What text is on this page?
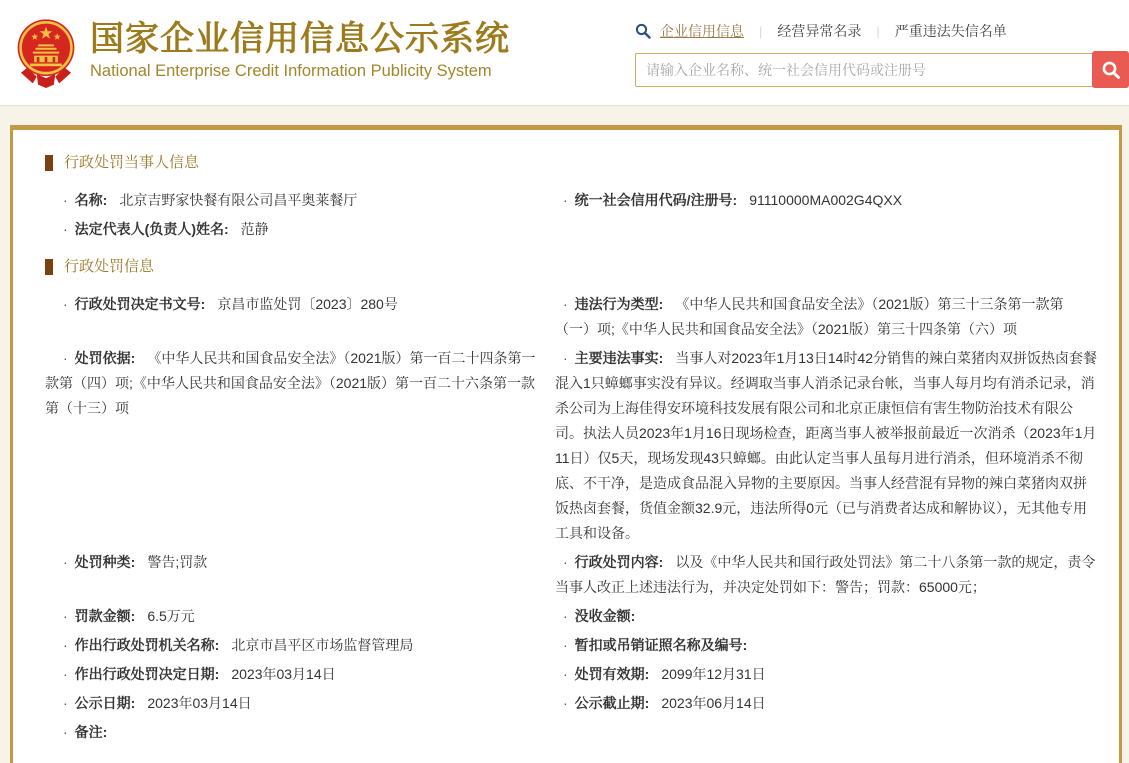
国家企业信用信息公示系统
National Enterprise Credit Information Publicity System
企业信用信息 | 经营异常名录 | 严重违法失信名单
请输入企业名称、统一社会信用代码或注册号
行政处罚当事人信息
· 名称: 北京吉野家快餐有限公司昌平奥莱餐厅	· 统一社会信用代码/注册号: 91110000MA002G4QXX
· 法定代表人(负责人)姓名: 范静
行政处罚信息
· 行政处罚决定书文号: 京昌市监处罚〔2023〕280号	· 违法行为类型: 《中华人民共和国食品安全法》（2021版）第三十三条第一款第（一）项;《中华人民共和国食品安全法》（2021版）第三十四条第（六）项
· 处罚依据: 《中华人民共和国食品安全法》（2021版）第一百二十四条第一款第（四）项;《中华人民共和国食品安全法》（2021版）第一百二十六条第一款第（十三）项
· 主要违法事实: 当事人对2023年1月13日14时42分销售的辣白菜猪肉双拼饭热卤套餐混入1只蟑螂事实没有异议。经调取当事人消杀记录台帐，当事人每月均有消杀记录，消杀公司为上海佳得安环境科技发展有限公司和北京正康恒信有害生物防治技术有限公司。执法人员2023年1月16日现场检查，距离当事人被举报前最近一次消杀（2023年1月11日）仅5天，现场发现43只蟑螂。由此认定当事人虽每月进行消杀，但环境消杀不彻底、不干净，是造成食品混入异物的主要原因。当事人经营混有异物的辣白菜猪肉双拼饭热卤套餐，货值金额32.9元，违法所得0元（已与消费者达成和解协议），无其他专用工具和设备。
· 处罚种类: 警告;罚款	· 行政处罚内容: 以及《中华人民共和国行政处罚法》第二十八条第一款的规定，责令当事人改正上述违法行为，并决定处罚如下：警告；罚款：65000元；
· 罚款金额: 6.5万元	· 没收金额:
· 作出行政处罚机关名称: 北京市昌平区市场监督管理局	· 暂扣或吊销证照名称及编号:
· 作出行政处罚决定日期: 2023年03月14日	· 处罚有效期: 2099年12月31日
· 公示日期: 2023年03月14日	· 公示截止期: 2023年06月14日
· 备注:
